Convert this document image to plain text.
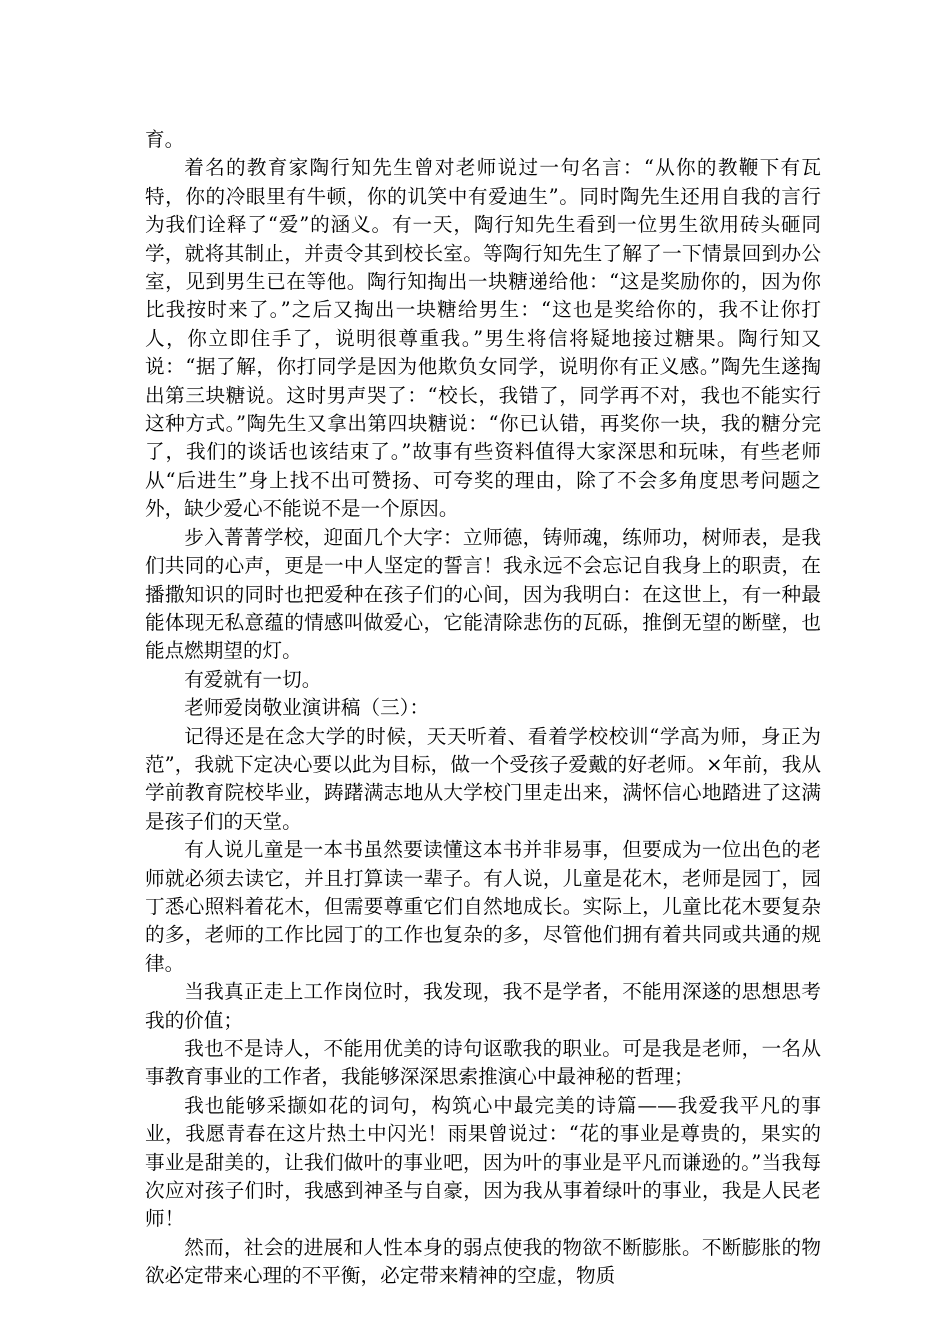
育。

着名的教育家陶行知先生曾对老师说过一句名言：“从你的教鞭下有瓦特，你的冷眼里有牛顿，你的讥笑中有爱迪生”。同时陶先生还用自我的言行为我们诠释了“爱”的涵义。有一天，陶行知先生看到一位男生欲用砖头砸同学，就将其制止，并责令其到校长室。等陶行知先生了解了一下情景回到办公室，见到男生已在等他。陶行知掏出一块糖递给他：“这是奖励你的，因为你比我按时来了。”之后又掏出一块糖给男生：“这也是奖给你的，我不让你打人，你立即住手了，说明很尊重我。”男生将信将疑地接过糖果。陶行知又说：“据了解，你打同学是因为他欺负女同学，说明你有正义感。”陶先生遂掏出第三块糖说。这时男声哭了：“校长，我错了，同学再不对，我也不能实行这种方式。”陶先生又拿出第四块糖说：“你已认错，再奖你一块，我的糖分完了，我们的谈话也该结束了。”故事有些资料值得大家深思和玩味，有些老师从“后进生”身上找不出可赞扬、可夸奖的理由，除了不会多角度思考问题之外，缺少爱心不能说不是一个原因。

步入菁菁学校，迎面几个大字：立师德，铸师魂，练师功，树师表，是我们共同的心声，更是一中人坚定的誓言！我永远不会忘记自我身上的职责，在播撒知识的同时也把爱种在孩子们的心间，因为我明白：在这世上，有一种最能体现无私意蕴的情感叫做爱心，它能清除悲伤的瓦砾，推倒无望的断壁，也能点燃期望的灯。

有爱就有一切。

老师爱岗敬业演讲稿（三）：

记得还是在念大学的时候，天天听着、看着学校校训“学高为师，身正为范”，我就下定决心要以此为目标，做一个受孩子爱戴的好老师。×年前，我从学前教育院校毕业，踌躇满志地从大学校门里走出来，满怀信心地踏进了这满是孩子们的天堂。

有人说儿童是一本书虽然要读懂这本书并非易事，但要成为一位出色的老师就必须去读它，并且打算读一辈子。有人说，儿童是花木，老师是园丁，园丁悉心照料着花木，但需要尊重它们自然地成长。实际上，儿童比花木要复杂的多，老师的工作比园丁的工作也复杂的多，尽管他们拥有着共同或共通的规律。

当我真正走上工作岗位时，我发现，我不是学者，不能用深遂的思想思考我的价值；

我也不是诗人，不能用优美的诗句讴歌我的职业。可是我是老师，一名从事教育事业的工作者，我能够深深思索推演心中最神秘的哲理；

我也能够采撷如花的词句，构筑心中最完美的诗篇——我爱我平凡的事业，我愿青春在这片热土中闪光！雨果曾说过：“花的事业是尊贵的，果实的事业是甜美的，让我们做叶的事业吧，因为叶的事业是平凡而谦逊的。”当我每次应对孩子们时，我感到神圣与自豪，因为我从事着绿叶的事业，我是人民老师！

然而，社会的进展和人性本身的弱点使我的物欲不断膨胀。不断膨胀的物欲必定带来心理的不平衡，必定带来精神的空虚，物质
